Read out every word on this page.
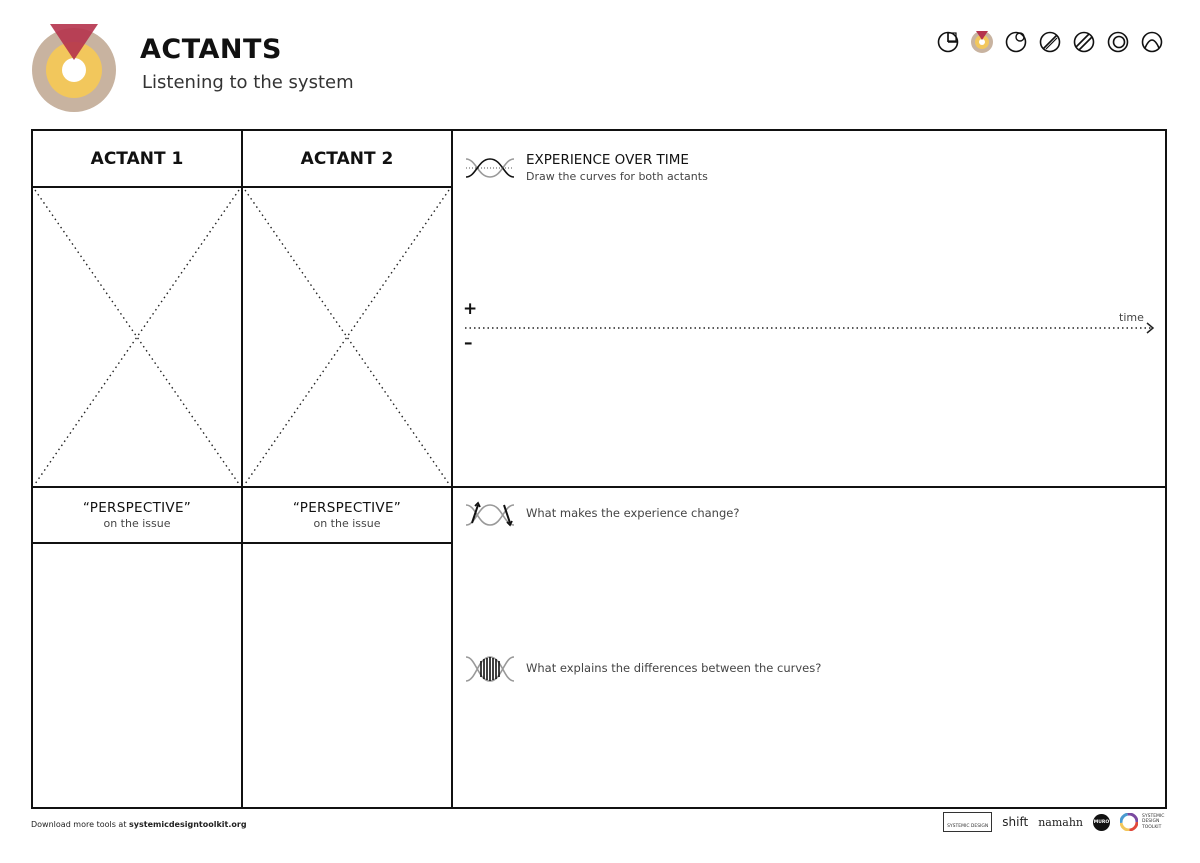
ACTANTS
Listening to the system
ACTANT 1	ACTANT 2
“PERSPECTIVE”
on the issue
“PERSPECTIVE”
on the issue
EXPERIENCE OVER TIME
Draw the curves for both actants
+
–
time
What makes the experience change?
What explains the differences between the curves?
Download more tools at systemicdesigntoolkit.org	SYSTEMIC DESIGN	shift namahn MURO
SYSTEMIC DESIGN TOOLKIT
